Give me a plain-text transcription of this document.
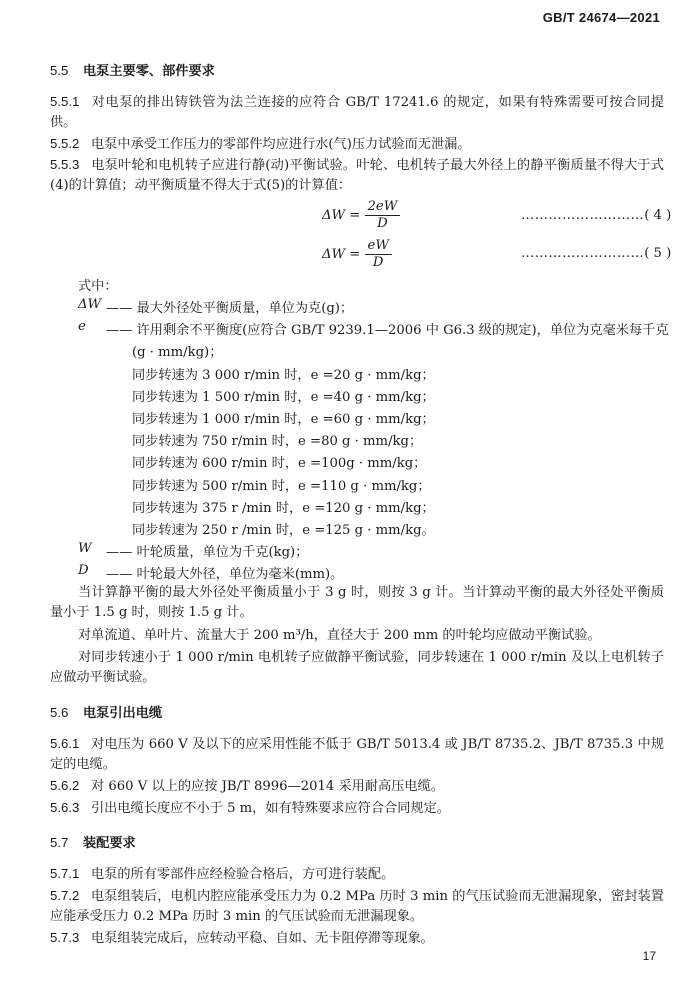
GB/T 24674—2021
5.5 电泵主要零、部件要求
5.5.1 对电泵的排出铸铁管为法兰连接的应符合 GB/T 17241.6 的规定，如果有特殊需要可按合同提供。
5.5.2 电泵中承受工作压力的零部件均应进行水(气)压力试验而无泄漏。
5.5.3 电泵叶轮和电机转子应进行静(动)平衡试验。叶轮、电机转子最大外径上的静平衡质量不得大于式(4)的计算值；动平衡质量不得大于式(5)的计算值：
$\Delta W = \frac{2eW}{D}$	………………………( 4 )
$\Delta W = \frac{eW}{D}$	………………………( 5 )
式中：
ΔW —— 最大外径处平衡质量，单位为克(g)；
e —— 许用剩余不平衡度(应符合 GB/T 9239.1—2006 中 G6.3 级的规定)，单位为克毫米每千克
(g · mm/kg)；
同步转速为 3 000 r/min 时，e =20 g · mm/kg；
同步转速为 1 500 r/min 时，e =40 g · mm/kg；
同步转速为 1 000 r/min 时，e =60 g · mm/kg；
同步转速为 750 r/min 时，e =80 g · mm/kg；
同步转速为 600 r/min 时，e =100g · mm/kg；
同步转速为 500 r/min 时，e =110 g · mm/kg；
同步转速为 375 r /min 时，e =120 g · mm/kg；
同步转速为 250 r /min 时，e =125 g · mm/kg。
W —— 叶轮质量，单位为千克(kg)；
D —— 叶轮最大外径，单位为毫米(mm)。
当计算静平衡的最大外径处平衡质量小于 3 g 时，则按 3 g 计。当计算动平衡的最大外径处平衡质量小于 1.5 g 时，则按 1.5 g 计。
对单流道、单叶片、流量大于 200 m³/h，直径大于 200 mm 的叶轮均应做动平衡试验。
对同步转速小于 1 000 r/min 电机转子应做静平衡试验，同步转速在 1 000 r/min 及以上电机转子应做动平衡试验。
5.6 电泵引出电缆
5.6.1 对电压为 660 V 及以下的应采用性能不低于 GB/T 5013.4 或 JB/T 8735.2、JB/T 8735.3 中规定的电缆。
5.6.2 对 660 V 以上的应按 JB/T 8996—2014 采用耐高压电缆。
5.6.3 引出电缆长度应不小于 5 m，如有特殊要求应符合合同规定。
5.7 装配要求
5.7.1 电泵的所有零部件应经检验合格后，方可进行装配。
5.7.2 电泵组装后，电机内腔应能承受压力为 0.2 MPa 历时 3 min 的气压试验而无泄漏现象，密封装置应能承受压力 0.2 MPa 历时 3 min 的气压试验而无泄漏现象。
5.7.3 电泵组装完成后，应转动平稳、自如、无卡阻停滞等现象。
17
